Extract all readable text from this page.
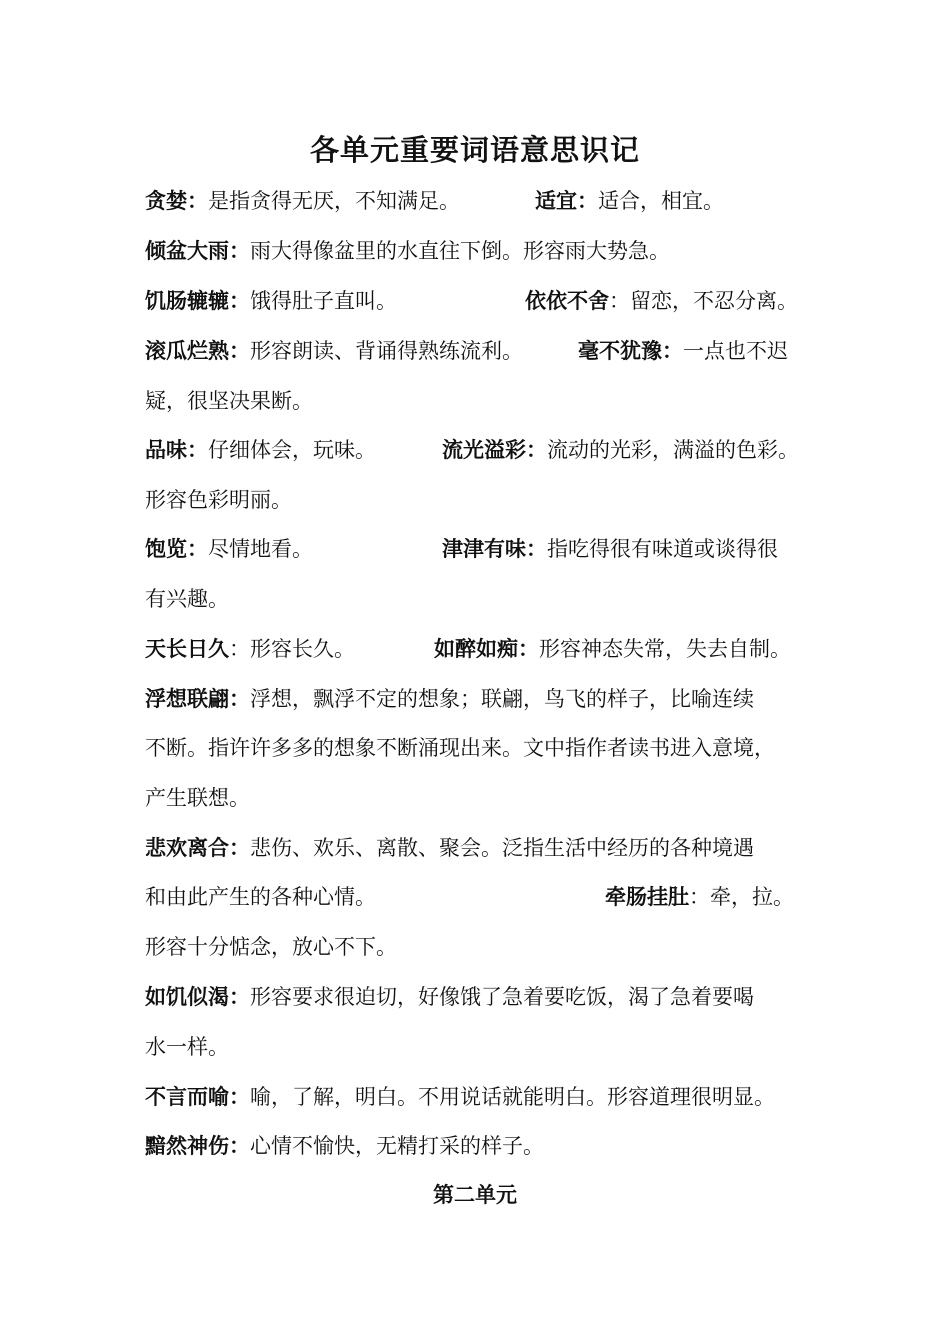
各单元重要词语意思识记
贪婪：是指贪得无厌，不知满足。	适宜：适合，相宜。
倾盆大雨：雨大得像盆里的水直往下倒。形容雨大势急。
饥肠辘辘：饿得肚子直叫。	依依不舍：留恋，不忍分离。
滚瓜烂熟：形容朗读、背诵得熟练流利。	毫不犹豫：一点也不迟
疑，很坚决果断。
品味：仔细体会，玩味。	流光溢彩：流动的光彩，满溢的色彩。
形容色彩明丽。
饱览：尽情地看。	津津有味：指吃得很有味道或谈得很
有兴趣。
天长日久：形容长久。	如醉如痴：形容神态失常，失去自制。
浮想联翩：浮想，飘浮不定的想象；联翩，鸟飞的样子，比喻连续
不断。指许许多多的想象不断涌现出来。文中指作者读书进入意境，
产生联想。
悲欢离合：悲伤、欢乐、离散、聚会。泛指生活中经历的各种境遇
和由此产生的各种心情。	牵肠挂肚：牵，拉。
形容十分惦念，放心不下。
如饥似渴：形容要求很迫切，好像饿了急着要吃饭，渴了急着要喝
水一样。
不言而喻：喻，了解，明白。不用说话就能明白。形容道理很明显。
黯然神伤：心情不愉快，无精打采的样子。
第二单元
